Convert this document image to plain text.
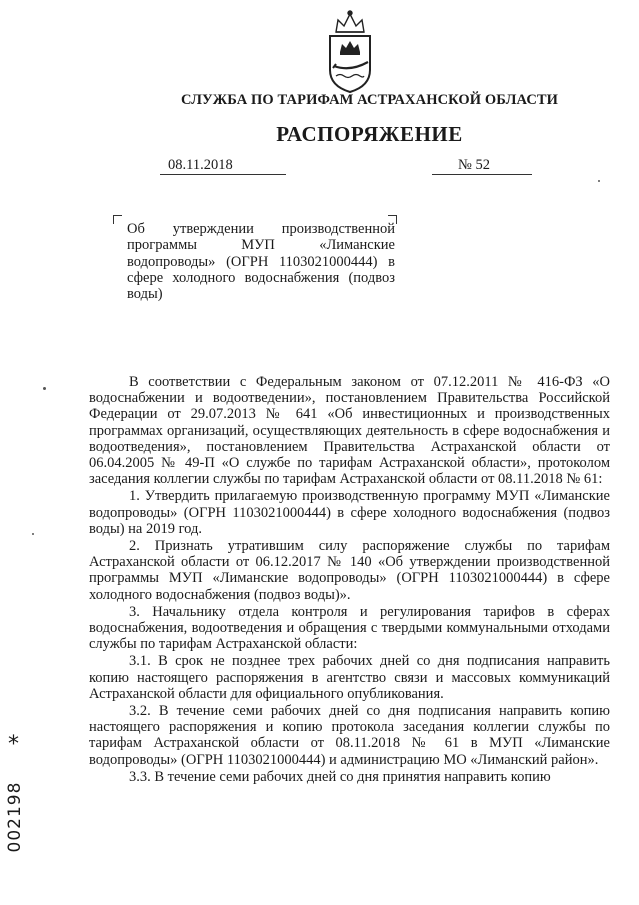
СЛУЖБА ПО ТАРИФАМ АСТРАХАНСКОЙ ОБЛАСТИ
РАСПОРЯЖЕНИЕ
08.11.2018	№ 52
Об утверждении производственной программы МУП «Лиманские водопроводы» (ОГРН 1103021000444) в сфере холодного водоснабжения (подвоз воды)

В соответствии с Федеральным законом от 07.12.2011 № 416-ФЗ «О водоснабжении и водоотведении», постановлением Правительства Российской Федерации от 29.07.2013 № 641 «Об инвестиционных и производственных программах организаций, осуществляющих деятельность в сфере водоснабжения и водоотведения», постановлением Правительства Астраханской области от 06.04.2005 № 49-П «О службе по тарифам Астраханской области», протоколом заседания коллегии службы по тарифам Астраханской области от 08.11.2018 № 61:

1. Утвердить прилагаемую производственную программу МУП «Лиманские водопроводы» (ОГРН 1103021000444) в сфере холодного водоснабжения (подвоз воды) на 2019 год.

2. Признать утратившим силу распоряжение службы по тарифам Астраханской области от 06.12.2017 № 140 «Об утверждении производственной программы МУП «Лиманские водопроводы» (ОГРН 1103021000444) в сфере холодного водоснабжения (подвоз воды)».

3. Начальнику отдела контроля и регулирования тарифов в сферах водоснабжения, водоотведения и обращения с твердыми коммунальными отходами службы по тарифам Астраханской области:

3.1. В срок не позднее трех рабочих дней со дня подписания направить копию настоящего распоряжения в агентство связи и массовых коммуникаций Астраханской области для официального опубликования.

3.2. В течение семи рабочих дней со дня подписания направить копию настоящего распоряжения и копию протокола заседания коллегии службы по тарифам Астраханской области от 08.11.2018 № 61 в МУП «Лиманские водопроводы» (ОГРН 1103021000444) и администрацию МО «Лиманский район».

3.3. В течение семи рабочих дней со дня принятия направить копию

*
002198
